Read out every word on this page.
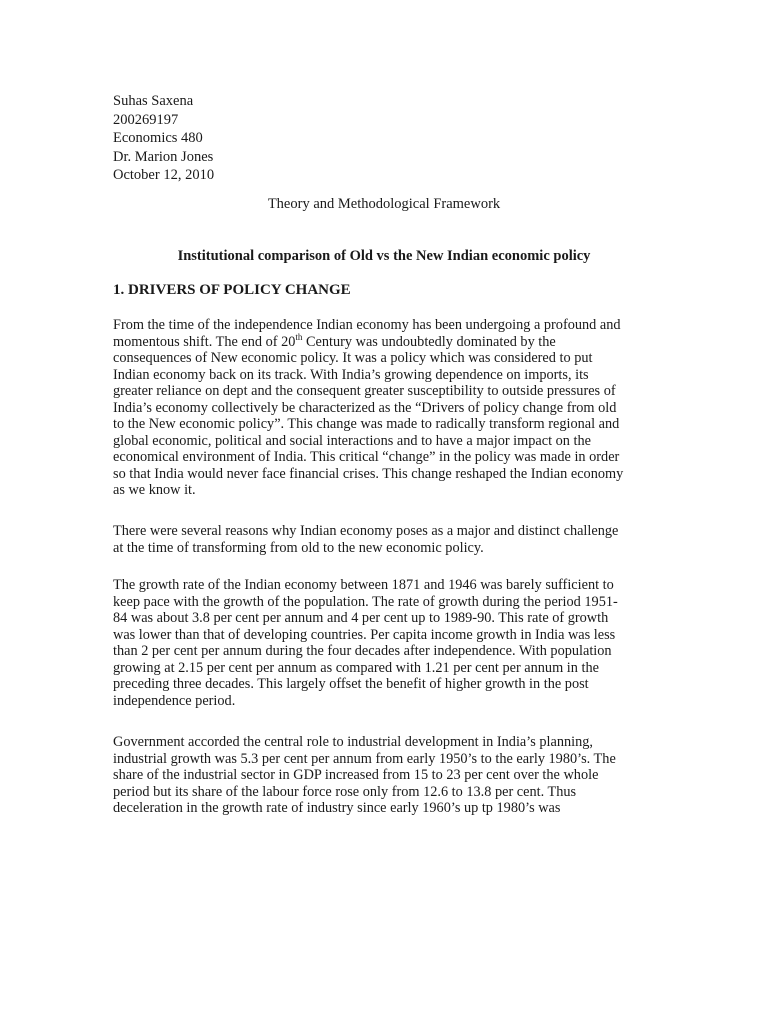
Suhas Saxena
200269197
Economics 480
Dr. Marion Jones
October 12, 2010
Theory and Methodological Framework
Institutional comparison of Old vs the New Indian economic policy
1. DRIVERS OF POLICY CHANGE
From the time of the independence Indian economy has been undergoing a profound and
momentous shift. The end of 20th Century was undoubtedly dominated by the
consequences of New economic policy. It was a policy which was considered to put
Indian economy back on its track. With India’s growing dependence on imports, its
greater reliance on dept and the consequent greater susceptibility to outside pressures of
India’s economy collectively be characterized as the “Drivers of policy change from old
to the New economic policy”. This change was made to radically transform regional and
global economic, political and social interactions and to have a major impact on the
economical environment of India. This critical “change” in the policy was made in order
so that India would never face financial crises. This change reshaped the Indian economy
as we know it.
There were several reasons why Indian economy poses as a major and distinct challenge
at the time of transforming from old to the new economic policy.
The growth rate of the Indian economy between 1871 and 1946 was barely sufficient to
keep pace with the growth of the population. The rate of growth during the period 1951-
84 was about 3.8 per cent per annum and 4 per cent up to 1989-90. This rate of growth
was lower than that of developing countries. Per capita income growth in India was less
than 2 per cent per annum during the four decades after independence. With population
growing at 2.15 per cent per annum as compared with 1.21 per cent per annum in the
preceding three decades. This largely offset the benefit of higher growth in the post
independence period.
Government accorded the central role to industrial development in India’s planning,
industrial growth was 5.3 per cent per annum from early 1950’s to the early 1980’s. The
share of the industrial sector in GDP increased from 15 to 23 per cent over the whole
period but its share of the labour force rose only from 12.6 to 13.8 per cent. Thus
deceleration in the growth rate of industry since early 1960’s up tp 1980’s was
